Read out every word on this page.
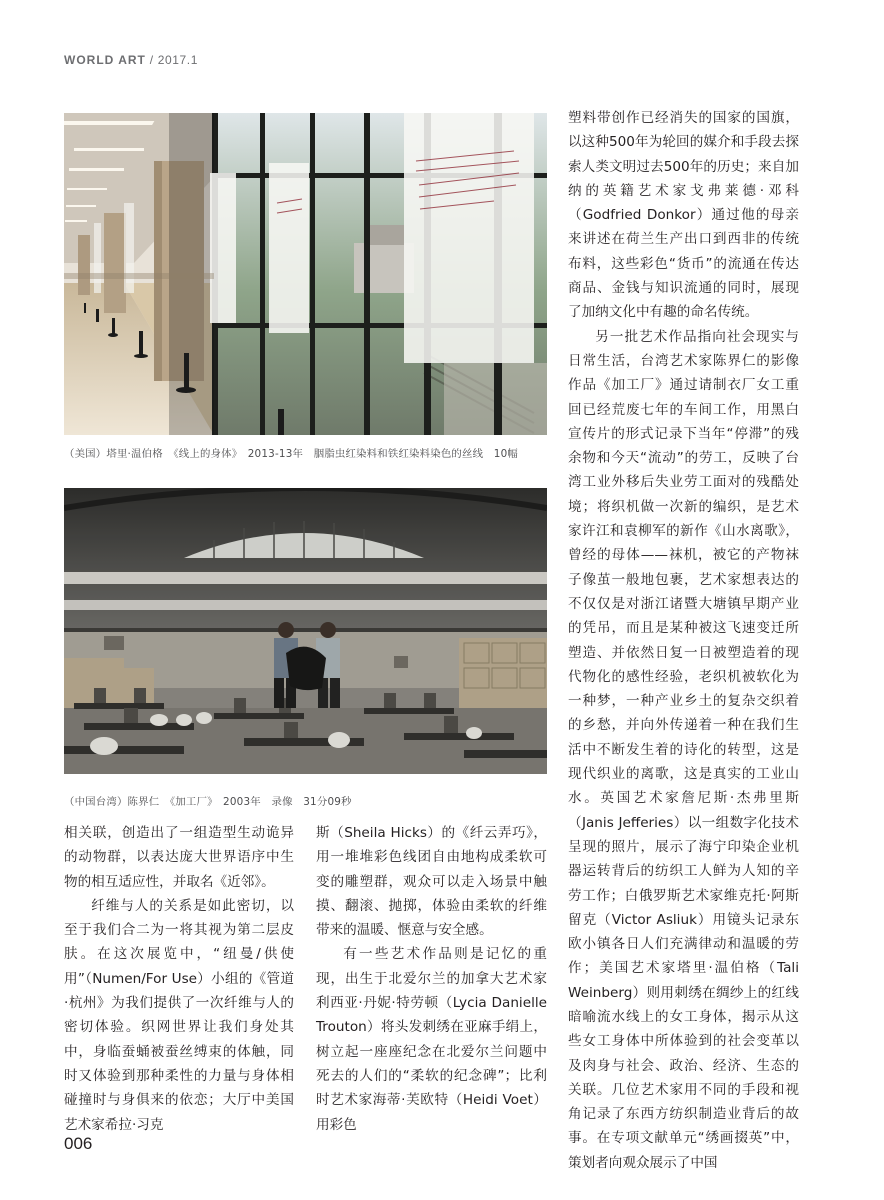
WORLD ART / 2017.1
（美国）塔里·温伯格　《线上的身体》　2013-13年　胭脂虫红染料和铁红染料染色的丝线　10幅
（中国台湾）陈界仁　《加工厂》　2003年　录像　31分09秒

相关联，创造出了一组造型生动诡异的动物群，以表达庞大世界语序中生物的相互适应性，并取名《近邻》。

纤维与人的关系是如此密切，以至于我们合二为一将其视为第二层皮肤。在这次展览中，“纽曼/供使用”（Numen/For Use）小组的《管道·杭州》为我们提供了一次纤维与人的密切体验。织网世界让我们身处其中，身临蚕蛹被蚕丝缚束的体触，同时又体验到那种柔性的力量与身体相碰撞时与身俱来的依恋；大厅中美国艺术家希拉·习克

斯（Sheila Hicks）的《纤云弄巧》，用一堆堆彩色线团自由地构成柔软可变的雕塑群，观众可以走入场景中触摸、翻滚、抛掷，体验由柔软的纤维带来的温暖、惬意与安全感。

有一些艺术作品则是记忆的重现，出生于北爱尔兰的加拿大艺术家利西亚·丹妮·特劳顿（Lycia Danielle Trouton）将头发刺绣在亚麻手绢上，树立起一座座纪念在北爱尔兰问题中死去的人们的“柔软的纪念碑”；比利时艺术家海蒂·芙欧特（Heidi Voet）用彩色

塑料带创作已经消失的国家的国旗，以这种500年为轮回的媒介和手段去探索人类文明过去500年的历史；来自加纳的英籍艺术家戈弗莱德·邓科（Godfried Donkor）通过他的母亲来讲述在荷兰生产出口到西非的传统布料，这些彩色“货币”的流通在传达商品、金钱与知识流通的同时，展现了加纳文化中有趣的命名传统。

另一批艺术作品指向社会现实与日常生活，台湾艺术家陈界仁的影像作品《加工厂》通过请制衣厂女工重回已经荒废七年的车间工作，用黑白宣传片的形式记录下当年“停滞”的残余物和今天“流动”的劳工，反映了台湾工业外移后失业劳工面对的残酷处境；将织机做一次新的编织，是艺术家许江和袁柳军的新作《山水离歌》，曾经的母体——袜机，被它的产物袜子像茧一般地包裹，艺术家想表达的不仅仅是对浙江诸暨大塘镇早期产业的凭吊，而且是某种被这飞速变迁所塑造、并依然日复一日被塑造着的现代物化的感性经验，老织机被软化为一种梦，一种产业乡土的复杂交织着的乡愁，并向外传递着一种在我们生活中不断发生着的诗化的转型，这是现代织业的离歌，这是真实的工业山水。英国艺术家詹尼斯·杰弗里斯（Janis Jefferies）以一组数字化技术呈现的照片，展示了海宁印染企业机器运转背后的纺织工人鲜为人知的辛劳工作；白俄罗斯艺术家维克托·阿斯留克（Victor Asliuk）用镜头记录东欧小镇各日人们充满律动和温暖的劳作；美国艺术家塔里·温伯格（Tali Weinberg）则用刺绣在绸纱上的红线暗喻流水线上的女工身体，揭示从这些女工身体中所体验到的社会变革以及肉身与社会、政治、经济、生态的关联。几位艺术家用不同的手段和视角记录了东西方纺织制造业背后的故事。在专项文献单元“绣画掇英”中，策划者向观众展示了中国

006
